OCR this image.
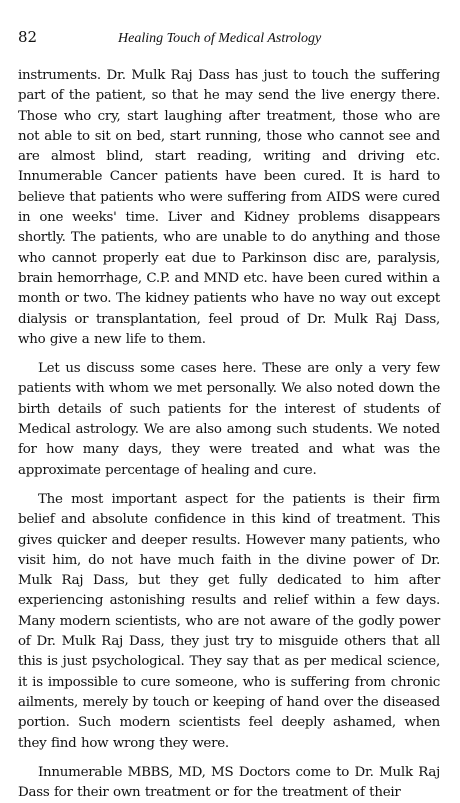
82	Healing Touch of Medical Astrology

instruments. Dr. Mulk Raj Dass has just to touch the suffering part of the patient, so that he may send the live energy there. Those who cry, start laughing after treatment, those who are not able to sit on bed, start running, those who cannot see and are almost blind, start reading, writing and driving etc. Innumerable Cancer patients have been cured. It is hard to believe that patients who were suffering from AIDS were cured in one weeks' time. Liver and Kidney problems disappears shortly. The patients, who are unable to do anything and those who cannot properly eat due to Parkinson disc are, paralysis, brain hemorrhage, C.P. and MND etc. have been cured within a month or two. The kidney patients who have no way out except dialysis or transplantation, feel proud of Dr. Mulk Raj Dass, who give a new life to them.

Let us discuss some cases here. These are only a very few patients with whom we met personally. We also noted down the birth details of such patients for the interest of students of Medical astrology. We are also among such students. We noted for how many days, they were treated and what was the approximate percentage of healing and cure.

The most important aspect for the patients is their firm belief and absolute confidence in this kind of treatment. This gives quicker and deeper results. However many patients, who visit him, do not have much faith in the divine power of Dr. Mulk Raj Dass, but they get fully dedicated to him after experiencing astonishing results and relief within a few days. Many modern scientists, who are not aware of the godly power of Dr. Mulk Raj Dass, they just try to misguide others that all this is just psychological. They say that as per medical science, it is impossible to cure someone, who is suffering from chronic ailments, merely by touch or keeping of hand over the diseased portion. Such modern scientists feel deeply ashamed, when they find how wrong they were.

Innumerable MBBS, MD, MS Doctors come to Dr. Mulk Raj Dass for their own treatment or for the treatment of their
